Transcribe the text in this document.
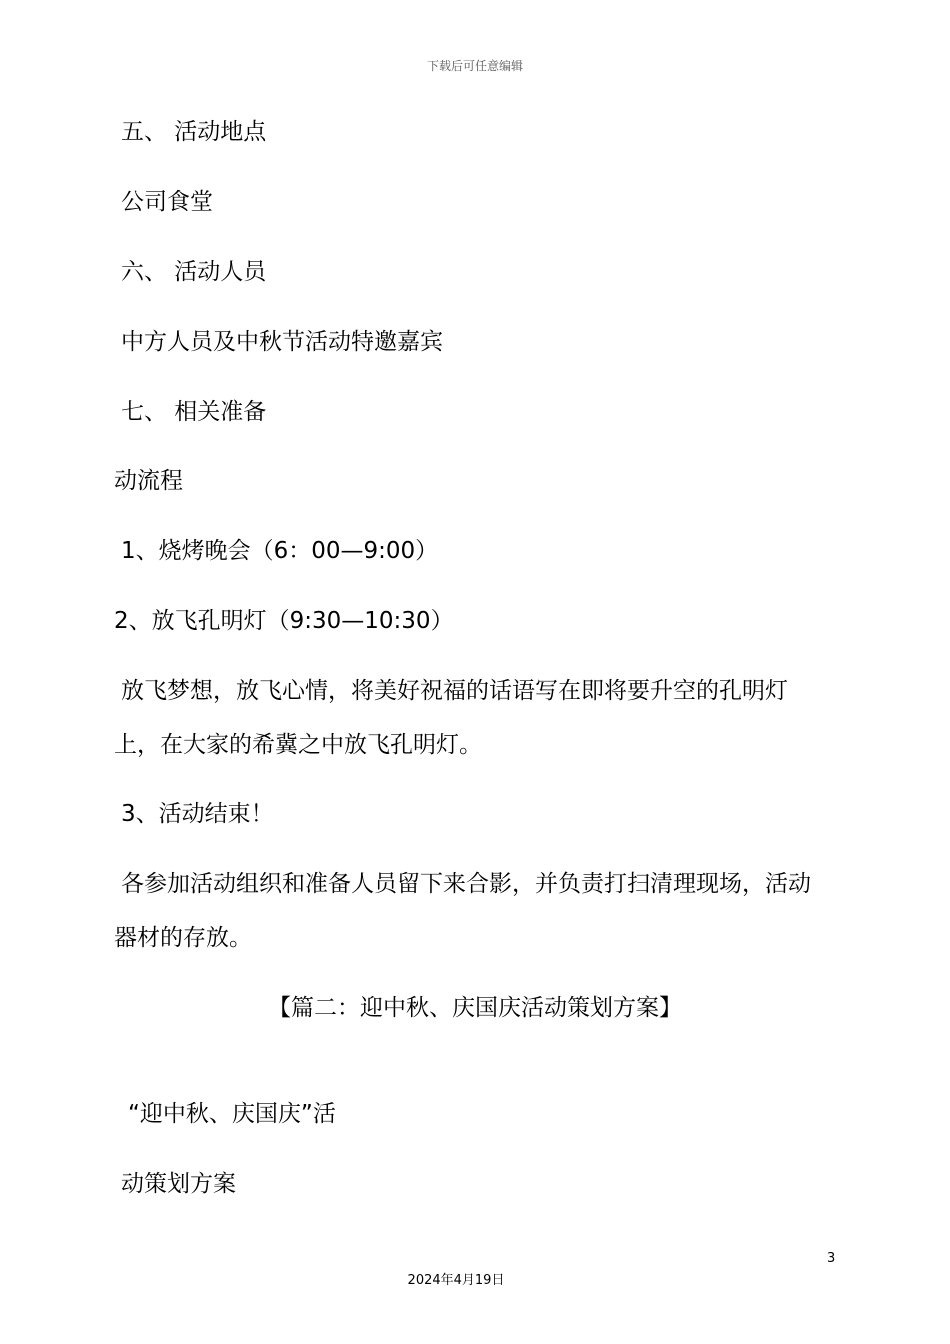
下载后可任意编辑
五、 活动地点
公司食堂
六、 活动人员
中方人员及中秋节活动特邀嘉宾
七、 相关准备
动流程
1、烧烤晚会（6：00—9:00）
2、放飞孔明灯（9:30—10:30）
放飞梦想，放飞心情，将美好祝福的话语写在即将要升空的孔明灯
上，在大家的希冀之中放飞孔明灯。
3、活动结束！
各参加活动组织和准备人员留下来合影，并负责打扫清理现场，活动
器材的存放。
【篇二：迎中秋、庆国庆活动策划方案】
“迎中秋、庆国庆”活
动策划方案
3
2024年4月19日
